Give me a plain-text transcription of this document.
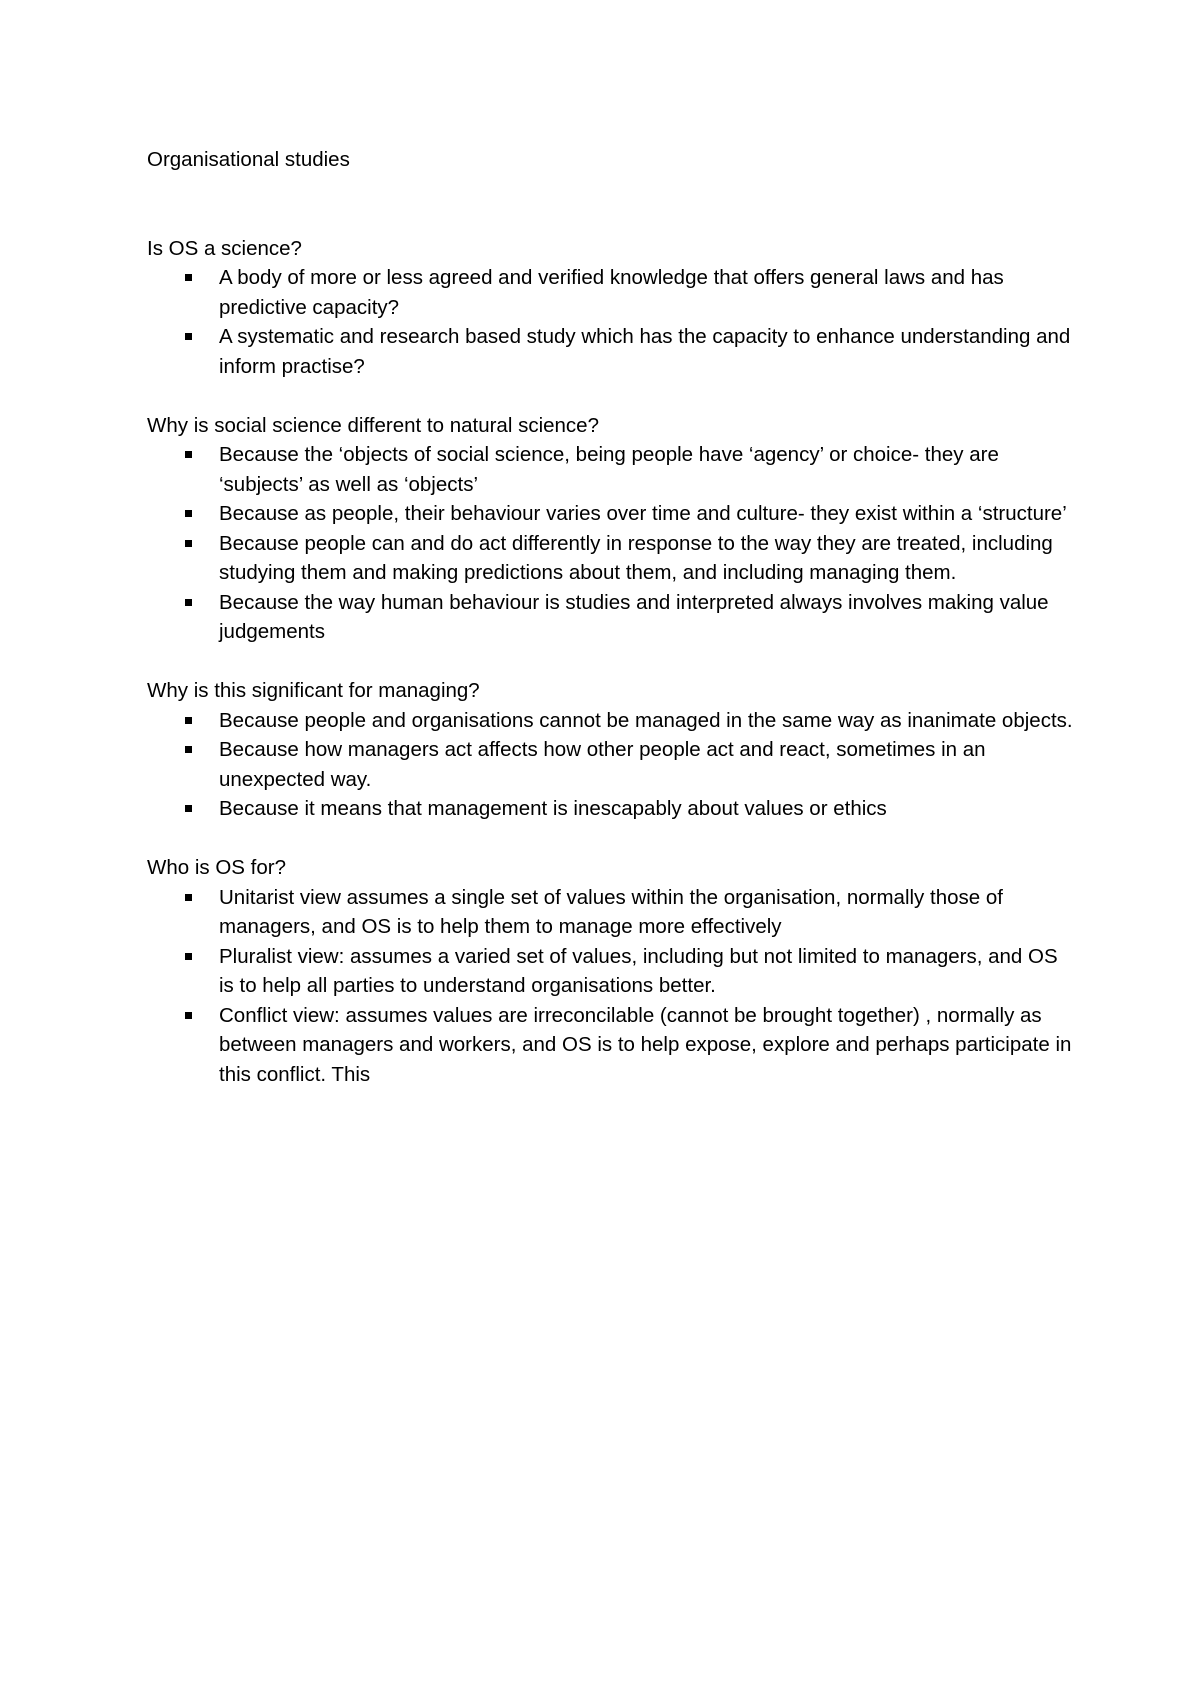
Organisational studies

Is OS a science?

A body of more or less agreed and verified knowledge that offers general laws and has predictive capacity?
A systematic and research based study which has the capacity to enhance understanding and inform practise?

Why is social science different to natural science?

Because the ‘objects of social science, being people have ‘agency’ or choice- they are ‘subjects’ as well as ‘objects’
Because as people, their behaviour varies over time and culture- they exist within a ‘structure’
Because people can and do act differently in response to the way they are treated, including studying them and making predictions about them, and including managing them.
Because the way human behaviour is studies and interpreted always involves making value judgements

Why is this significant for managing?

Because people and organisations cannot be managed in the same way as inanimate objects.
Because how managers act affects how other people act and react, sometimes in an unexpected way.
Because it means that management is inescapably about values or ethics

Who is OS for?

Unitarist view assumes a single set of values within the organisation, normally those of managers, and OS is to help them to manage more effectively
Pluralist view: assumes a varied set of values, including but not limited to managers, and OS is to help all parties to understand organisations better.
Conflict view: assumes values are irreconcilable (cannot be brought together) , normally as between managers and workers, and OS is to help expose, explore and perhaps participate in this conflict. This
